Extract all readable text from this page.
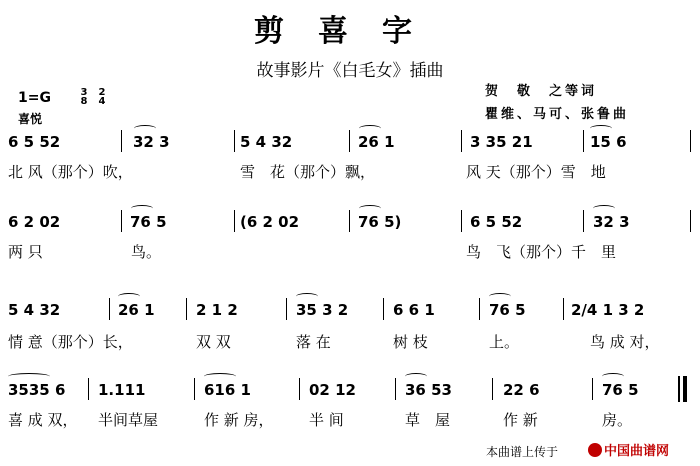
剪喜字
故事影片《白毛女》插曲
1=G	3
8
2
4
喜悦
贺　敬　之等词
瞿维、马可、张鲁曲
6 5 52	32 3	5 4 32	26 1	3 35 21	15 6
北 风（那个）吹，	雪　花（那个）飘，	风 天（那个）雪　地
6 2 02	76 5	(6 2 02	76 5)	6 5 52	32 3
两 只	鸟。	鸟　飞（那个）千　里
5 4 32	26 1	2 1 2	35 3 2	6 6 1	76 5	2/4 1 3 2
情 意（那个）长，	双 双	落 在	树 枝	上。	鸟 成 对，
3535 6 1.111	616 1	02 12	36 53	22 6	76 5
喜 成 双， 半间草屋	作 新 房， 半 间	草　屋	作 新	房。
本曲谱上传于	中国曲谱网
